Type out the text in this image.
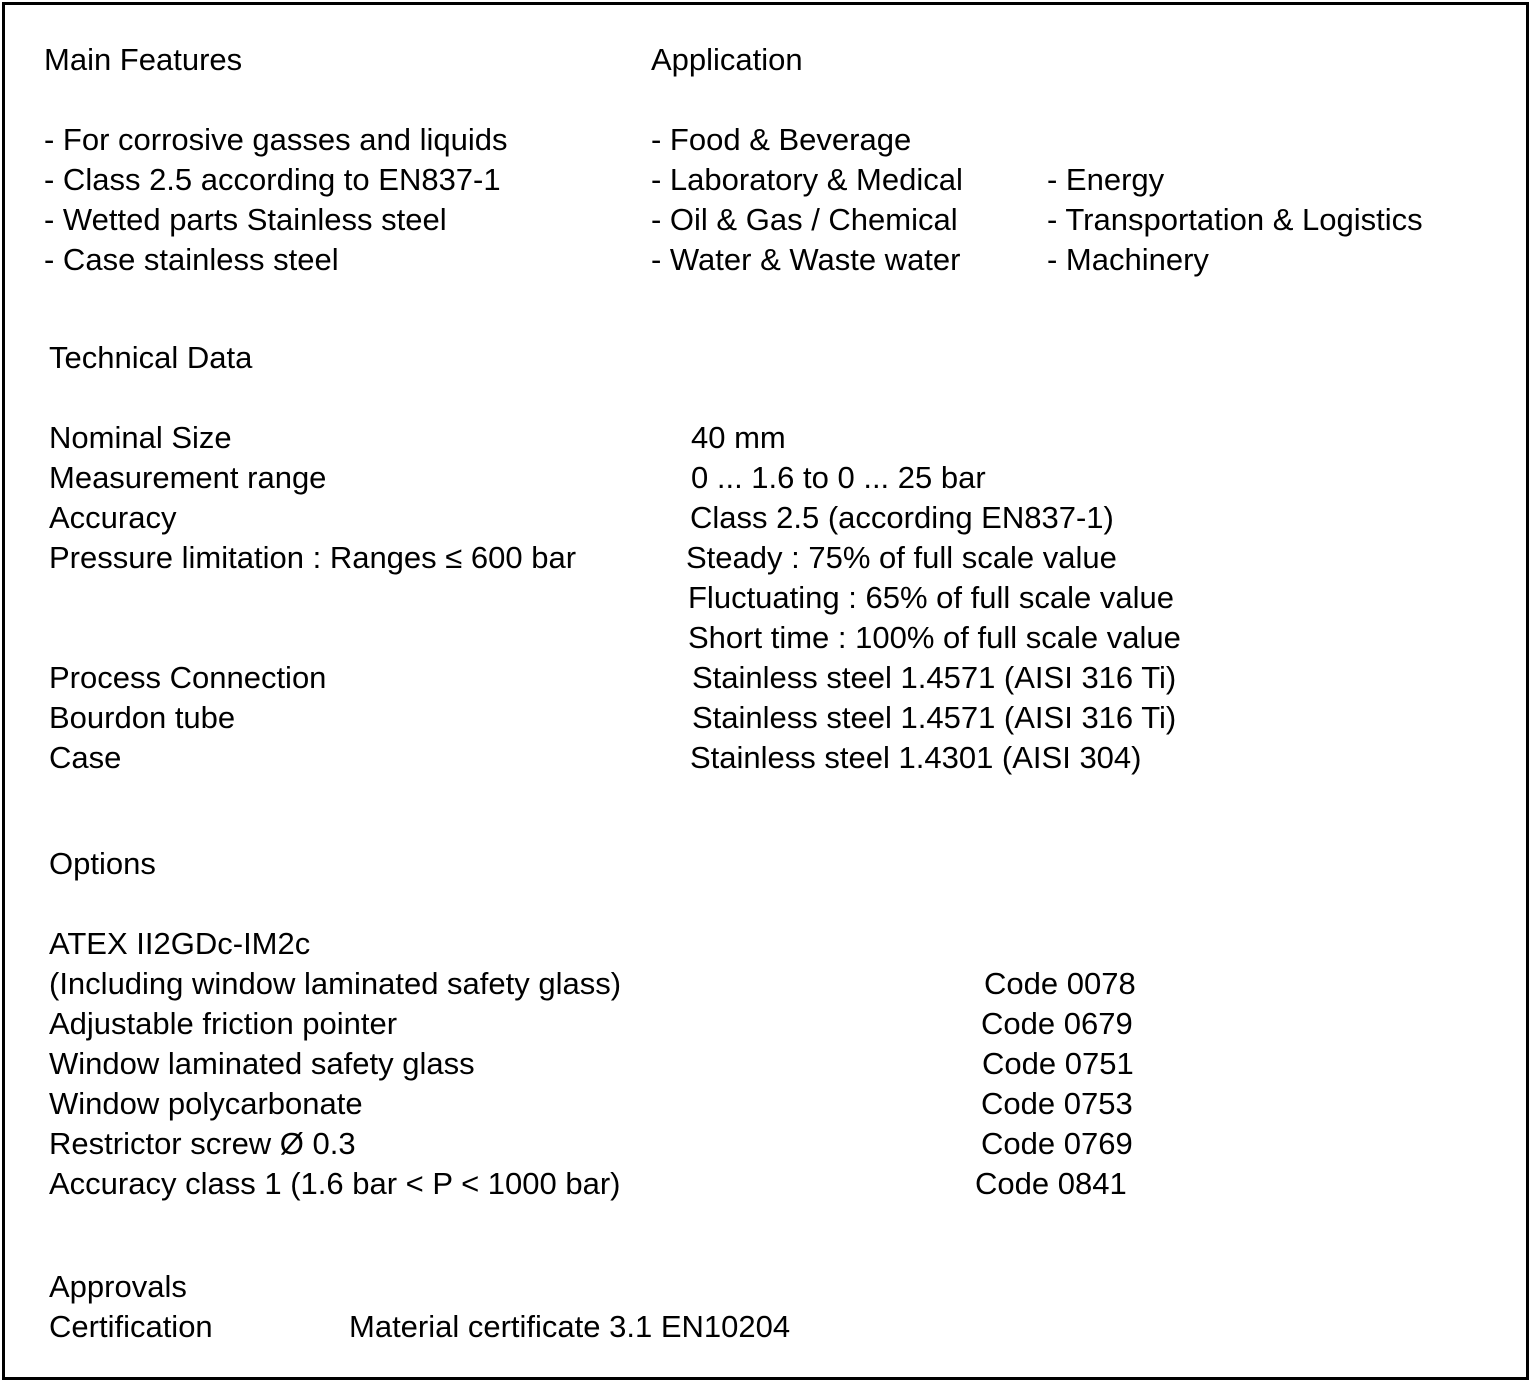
Main Features
- For corrosive gasses and liquids
- Class 2.5 according to EN837-1
- Wetted parts Stainless steel
- Case stainless steel
Application
- Food & Beverage
- Laboratory & Medical
- Oil & Gas / Chemical
- Water & Waste water
- Energy
- Transportation & Logistics
- Machinery
Technical Data
Nominal Size	40 mm
Measurement range	0 ... 1.6 to 0 ... 25 bar
Accuracy	Class 2.5 (according EN837-1)
Pressure limitation : Ranges ≤ 600 bar	Steady : 75% of full scale value
Fluctuating : 65% of full scale value
Short time : 100% of full scale value
Process Connection	Stainless steel 1.4571 (AISI 316 Ti)
Bourdon tube	Stainless steel 1.4571 (AISI 316 Ti)
Case	Stainless steel 1.4301 (AISI 304)
Options
ATEX II2GDc-IM2c
(Including window laminated safety glass)	Code 0078
Adjustable friction pointer	Code 0679
Window laminated safety glass	Code 0751
Window polycarbonate	Code 0753
Restrictor screw Ø 0.3	Code 0769
Accuracy class 1 (1.6 bar < P < 1000 bar)	Code 0841
Approvals
Certification	Material certificate 3.1 EN10204
